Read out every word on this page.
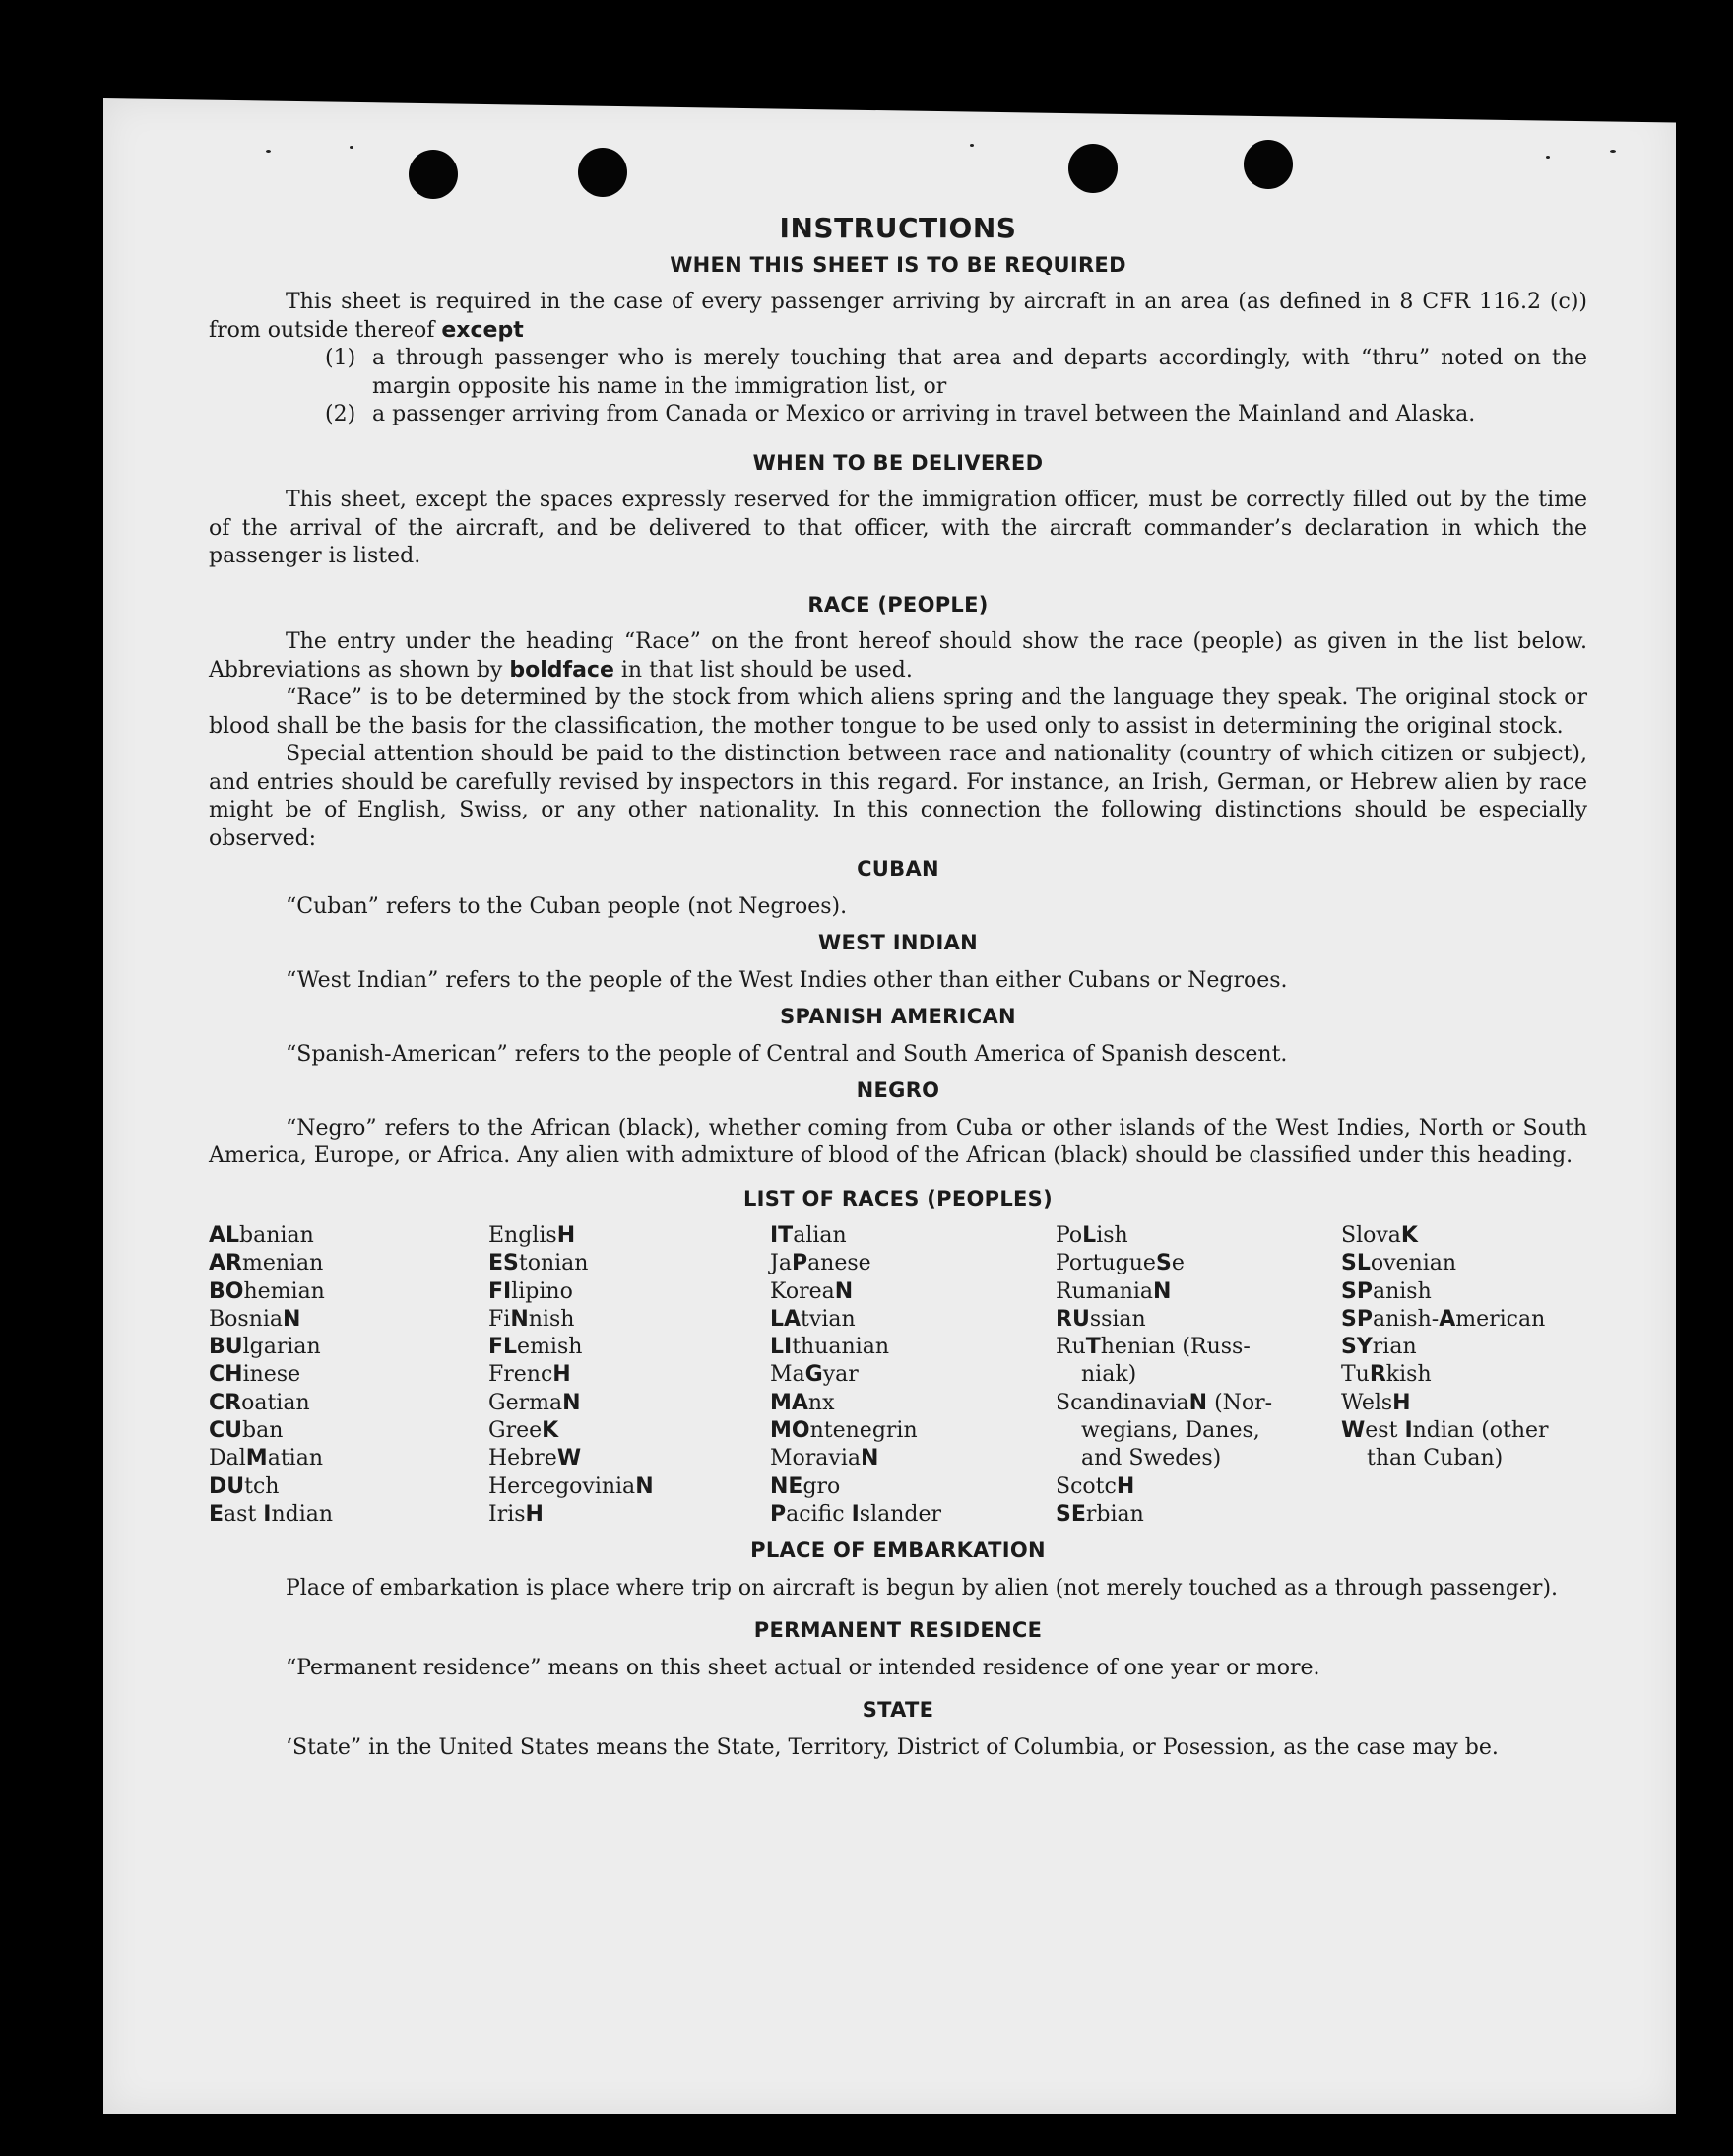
INSTRUCTIONS
WHEN THIS SHEET IS TO BE REQUIRED

This sheet is required in the case of every passenger arriving by aircraft in an area (as defined in 8 CFR 116.2 (c)) from outside thereof except

(1) a through passenger who is merely touching that area and departs accordingly, with “thru” noted on the margin opposite his name in the immigration list, or
(2) a passenger arriving from Canada or Mexico or arriving in travel between the Mainland and Alaska.
WHEN TO BE DELIVERED

This sheet, except the spaces expressly reserved for the immigration officer, must be correctly filled out by the time of the arrival of the aircraft, and be delivered to that officer, with the aircraft commander’s declaration in which the passenger is listed.

RACE (PEOPLE)

The entry under the heading “Race” on the front hereof should show the race (people) as given in the list below. Abbreviations as shown by boldface in that list should be used.

“Race” is to be determined by the stock from which aliens spring and the language they speak. The original stock or blood shall be the basis for the classification, the mother tongue to be used only to assist in determining the original stock.

Special attention should be paid to the distinction between race and nationality (country of which citizen or subject), and entries should be carefully revised by inspectors in this regard. For instance, an Irish, German, or Hebrew alien by race might be of English, Swiss, or any other nationality. In this connection the following distinctions should be especially observed:

CUBAN

“Cuban” refers to the Cuban people (not Negroes).

WEST INDIAN

“West Indian” refers to the people of the West Indies other than either Cubans or Negroes.

SPANISH AMERICAN

“Spanish-American” refers to the people of Central and South America of Spanish descent.

NEGRO

“Negro” refers to the African (black), whether coming from Cuba or other islands of the West Indies, North or South America, Europe, or Africa. Any alien with admixture of blood of the African (black) should be classified under this heading.

LIST OF RACES (PEOPLES)
ALbanian
ARmenian
BOhemian
BosniaN
BUlgarian
CHinese
CRoatian
CUban
DalMatian
DUtch
East Indian
EnglisH
EStonian
FIlipino
FiNnish
FLemish
FrencH
GermaN
GreeK
HebreW
HercegoviniaN
IrisH
ITalian
JaPanese
KoreaN
LAtvian
LIthuanian
MaGyar
MAnx
MOntenegrin
MoraviaN
NEgro
Pacific Islander
PoLish
PortugueSe
RumaniaN
RUssian
RuThenian (Russ-
niak)
ScandinaviaN (Nor-
wegians, Danes,
and Swedes)
ScotcH
SErbian
SlovaK
SLovenian
SPanish
SPanish-American
SYrian
TuRkish
WelsH
West Indian (other
than Cuban)
PLACE OF EMBARKATION

Place of embarkation is place where trip on aircraft is begun by alien (not merely touched as a through passenger).

PERMANENT RESIDENCE

“Permanent residence” means on this sheet actual or intended residence of one year or more.

STATE

‘State” in the United States means the State, Territory, District of Columbia, or Posession, as the case may be.
